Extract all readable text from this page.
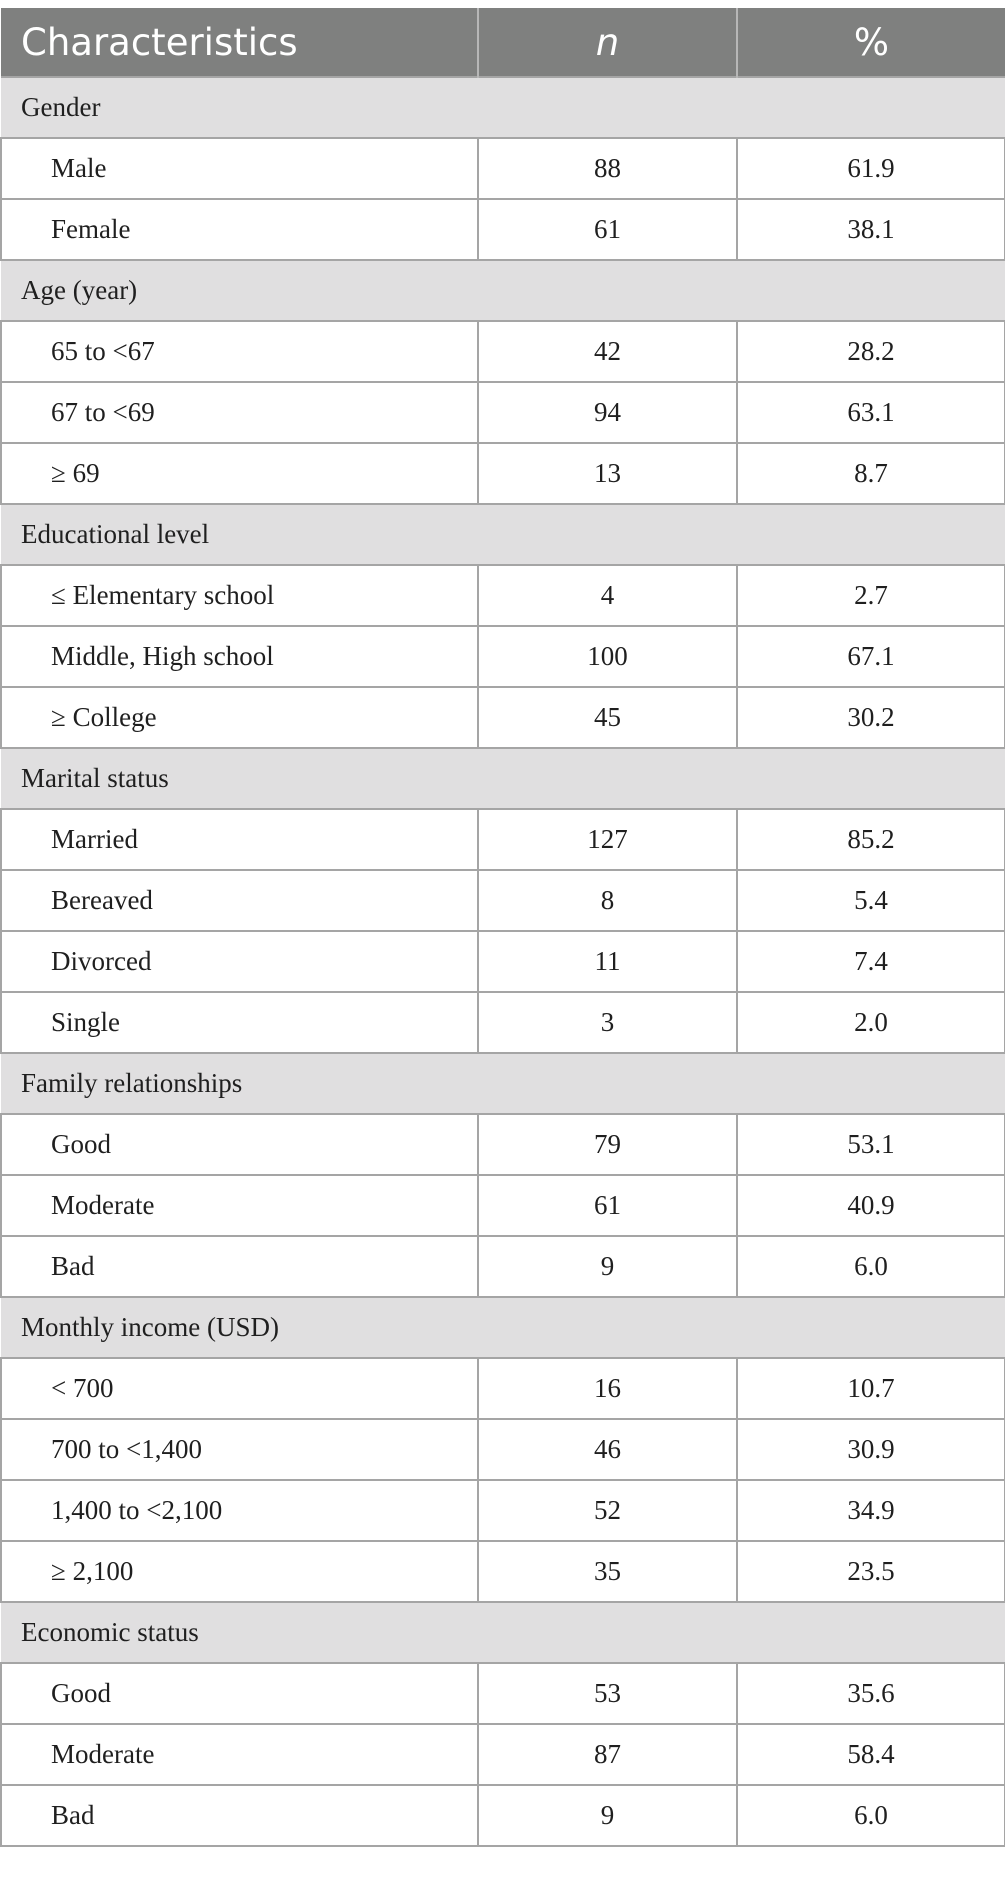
Characteristics	n	%
Gender		
Male	88	61.9
Female	61	38.1
Age (year)		
65 to <67	42	28.2
67 to <69	94	63.1
≥ 69	13	8.7
Educational level		
≤ Elementary school	4	2.7
Middle, High school	100	67.1
≥ College	45	30.2
Marital status		
Married	127	85.2
Bereaved	8	5.4
Divorced	11	7.4
Single	3	2.0
Family relationships		
Good	79	53.1
Moderate	61	40.9
Bad	9	6.0
Monthly income (USD)		
< 700	16	10.7
700 to <1,400	46	30.9
1,400 to <2,100	52	34.9
≥ 2,100	35	23.5
Economic status		
Good	53	35.6
Moderate	87	58.4
Bad	9	6.0
